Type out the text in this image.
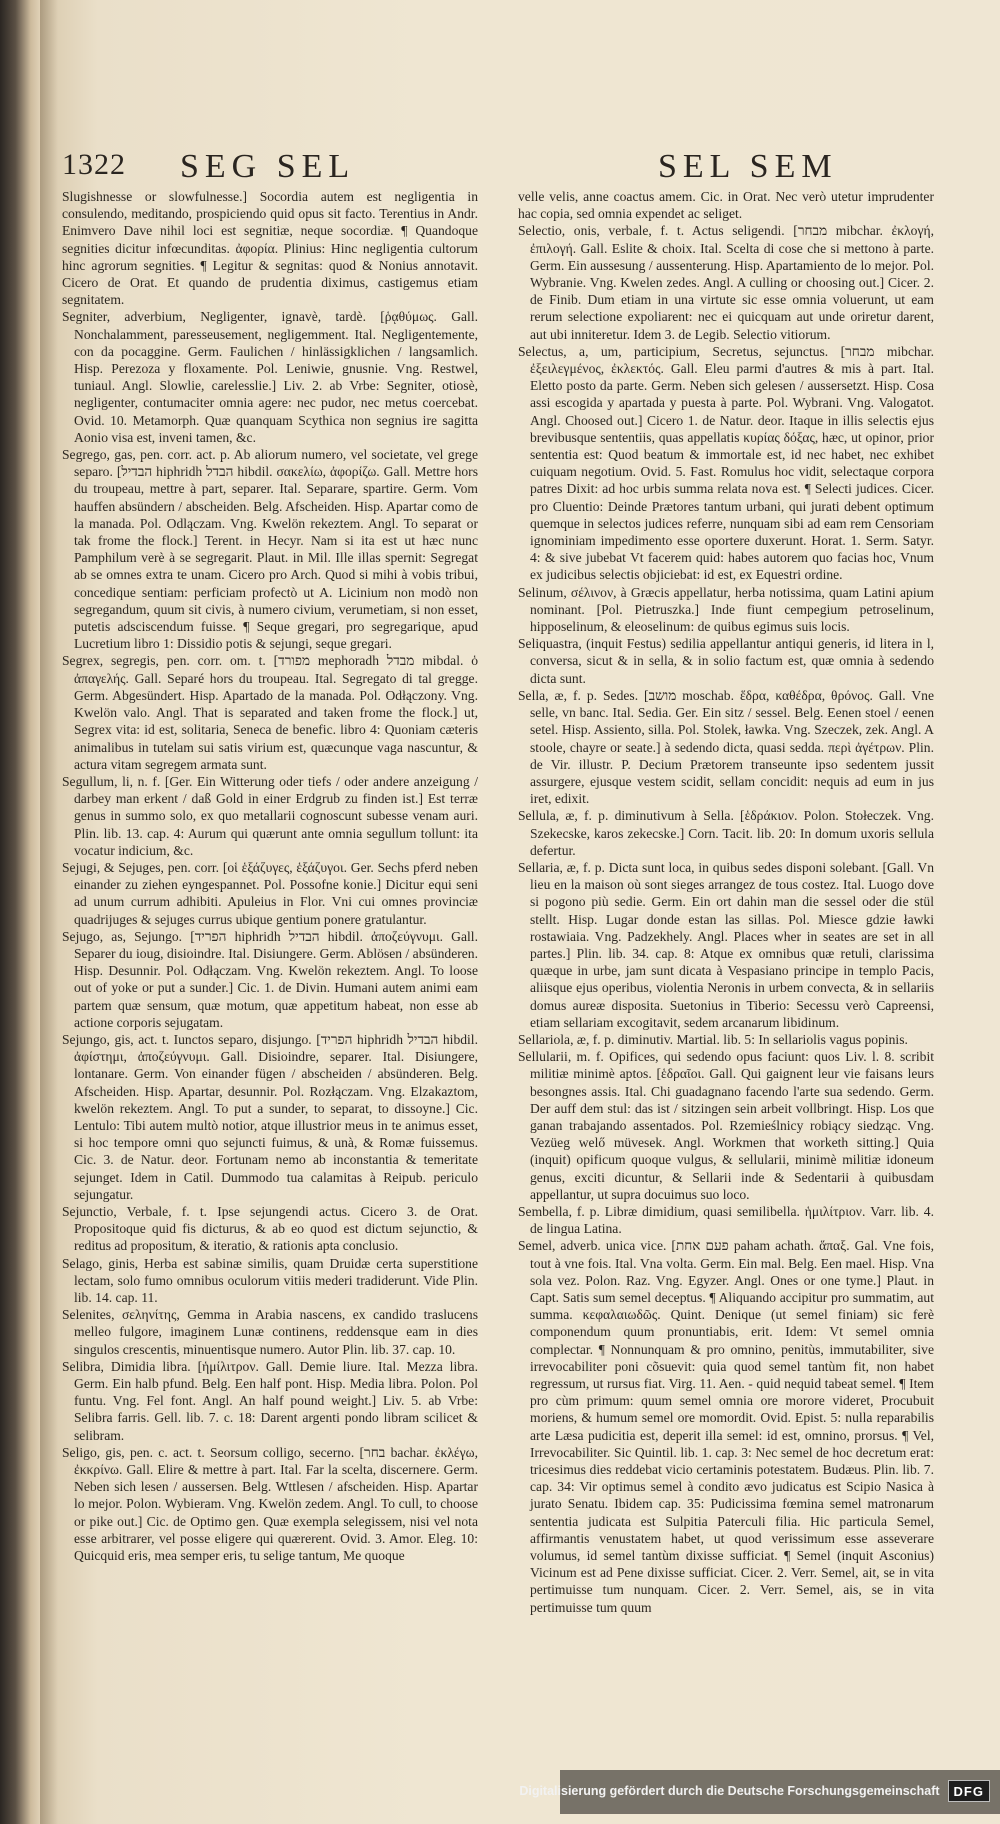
1322 SEG SEL	SEL SEM

Slugishnesse or slowfulnesse.] Socordia autem est negligentia in consulendo, meditando, prospiciendo quid opus sit facto. Terentius in Andr. Enimvero Dave nihil loci est segnitiæ, neque socordiæ. ¶ Quandoque segnities dicitur infœcunditas. ἀφορία. Plinius: Hinc negligentia cultorum hinc agrorum segnities. ¶ Legitur & segnitas: quod & Nonius annotavit. Cicero de Orat. Et quando de prudentia diximus, castigemus etiam segnitatem.

Segniter, adverbium, Negligenter, ignavè, tardè. [ῥᾳθύμως. Gall. Nonchalamment, paresseusement, negligemment. Ital. Negligentemente, con da pocaggine. Germ. Faulichen / hinlässigklichen / langsamlich. Hisp. Perezoza y floxamente. Pol. Leniwie, gnusnie. Vng. Restwel, tuniaul. Angl. Slowlie, carelesslie.] Liv. 2. ab Vrbe: Segniter, otiosè, negligenter, contumaciter omnia agere: nec pudor, nec metus coercebat. Ovid. 10. Metamorph. Quæ quanquam Scythica non segnius ire sagitta Aonio visa est, inveni tamen, &c.

Segrego, gas, pen. corr. act. p. Ab aliorum numero, vel societate, vel grege separo. [הבדיל hiphridh הבדל hibdil. σακελίω, ἀφορίζω. Gall. Mettre hors du troupeau, mettre à part, separer. Ital. Separare, spartire. Germ. Vom hauffen absündern / abscheiden. Belg. Afscheiden. Hisp. Apartar como de la manada. Pol. Odlączam. Vng. Kwelön rekeztem. Angl. To separat or tak frome the flock.] Terent. in Hecyr. Nam si ita est ut hæc nunc Pamphilum verè à se segregarit. Plaut. in Mil. Ille illas spernit: Segregat ab se omnes extra te unam. Cicero pro Arch. Quod si mihi à vobis tribui, concedique sentiam: perficiam profectò ut A. Licinium non modò non segregandum, quum sit civis, à numero civium, verumetiam, si non esset, putetis adsciscendum fuisse. ¶ Seque gregari, pro segregarique, apud Lucretium libro 1: Dissidio potis & sejungi, seque gregari.

Segrex, segregis, pen. corr. om. t. [מפורד mephoradh מבדל mibdal. ὁ ἀπαγελής. Gall. Separé hors du troupeau. Ital. Segregato di tal gregge. Germ. Abgesündert. Hisp. Apartado de la manada. Pol. Odłączony. Vng. Kwelön valo. Angl. That is separated and taken frome the flock.] ut, Segrex vita: id est, solitaria, Seneca de benefic. libro 4: Quoniam cæteris animalibus in tutelam sui satis virium est, quæcunque vaga nascuntur, & actura vitam segregem armata sunt.

Segullum, li, n. f. [Ger. Ein Witterung oder tiefs / oder andere anzeigung / darbey man erkent / daß Gold in einer Erdgrub zu finden ist.] Est terræ genus in summo solo, ex quo metallarii cognoscunt subesse venam auri. Plin. lib. 13. cap. 4: Aurum qui quærunt ante omnia segullum tollunt: ita vocatur indicium, &c.

Sejugi, & Sejuges, pen. corr. [οἱ ἑξάζυγες, ἑξάζυγοι. Ger. Sechs pferd neben einander zu ziehen eyngespannet. Pol. Possofne konie.] Dicitur equi seni ad unum currum adhibiti. Apuleius in Flor. Vni cui omnes provinciæ quadrijuges & sejuges currus ubique gentium ponere gratulantur.

Sejugo, as, Sejungo. [הפריד hiphridh הבדיל hibdil. ἀποζεύγνυμι. Gall. Separer du ioug, disioindre. Ital. Disiungere. Germ. Ablösen / absünderen. Hisp. Desunnir. Pol. Odłączam. Vng. Kwelön rekeztem. Angl. To loose out of yoke or put a sunder.] Cic. 1. de Divin. Humani autem animi eam partem quæ sensum, quæ motum, quæ appetitum habeat, non esse ab actione corporis sejugatam.

Sejungo, gis, act. t. Iunctos separo, disjungo. [הפריד hiphridh הבדיל hibdil. ἀφίστημι, ἀποζεύγνυμι. Gall. Disioindre, separer. Ital. Disiungere, lontanare. Germ. Von einander fügen / abscheiden / absünderen. Belg. Afscheiden. Hisp. Apartar, desunnir. Pol. Rozłączam. Vng. Elzakaztom, kwelön rekeztem. Angl. To put a sunder, to separat, to dissoyne.] Cic. Lentulo: Tibi autem multò notior, atque illustrior meus in te animus esset, si hoc tempore omni quo sejuncti fuimus, & unà, & Romæ fuissemus. Cic. 3. de Natur. deor. Fortunam nemo ab inconstantia & temeritate sejunget. Idem in Catil. Dummodo tua calamitas à Reipub. periculo sejungatur.

Sejunctio, Verbale, f. t. Ipse sejungendi actus. Cicero 3. de Orat. Propositoque quid fis dicturus, & ab eo quod est dictum sejunctio, & reditus ad propositum, & iteratio, & rationis apta conclusio.

Selago, ginis, Herba est sabinæ similis, quam Druidæ certa superstitione lectam, solo fumo omnibus oculorum vitiis mederi tradiderunt. Vide Plin. lib. 14. cap. 11.

Selenites, σεληνίτης, Gemma in Arabia nascens, ex candido traslucens melleo fulgore, imaginem Lunæ continens, reddensque eam in dies singulos crescentis, minuentisque numero. Autor Plin. lib. 37. cap. 10.

Selibra, Dimidia libra. [ἡμίλιτρον. Gall. Demie liure. Ital. Mezza libra. Germ. Ein halb pfund. Belg. Een half pont. Hisp. Media libra. Polon. Pol funtu. Vng. Fel font. Angl. An half pound weight.] Liv. 5. ab Vrbe: Selibra farris. Gell. lib. 7. c. 18: Darent argenti pondo libram scilicet & selibram.

Seligo, gis, pen. c. act. t. Seorsum colligo, secerno. [בחר bachar. ἐκλέγω, ἐκκρίνω. Gall. Elire & mettre à part. Ital. Far la scelta, discernere. Germ. Neben sich lesen / aussersen. Belg. Wttlesen / afscheiden. Hisp. Apartar lo mejor. Polon. Wybieram. Vng. Kwelön zedem. Angl. To cull, to choose or pike out.] Cic. de Optimo gen. Quæ exempla selegissem, nisi vel nota esse arbitrarer, vel posse eligere qui quærerent. Ovid. 3. Amor. Eleg. 10: Quicquid eris, mea semper eris, tu selige tantum, Me quoque

velle velis, anne coactus amem. Cic. in Orat. Nec verò utetur imprudenter hac copia, sed omnia expendet ac seliget.

Selectio, onis, verbale, f. t. Actus seligendi. [מבחר mibchar. ἐκλογή, ἐπιλογή. Gall. Eslite & choix. Ital. Scelta di cose che si mettono à parte. Germ. Ein aussesung / aussenterung. Hisp. Apartamiento de lo mejor. Pol. Wybranie. Vng. Kwelen zedes. Angl. A culling or choosing out.] Cicer. 2. de Finib. Dum etiam in una virtute sic esse omnia voluerunt, ut eam rerum selectione expoliarent: nec ei quicquam aut unde oriretur darent, aut ubi inniteretur. Idem 3. de Legib. Selectio vitiorum.

Selectus, a, um, participium, Secretus, sejunctus. [מבחר mibchar. ἐξειλεγμένος, ἐκλεκτός. Gall. Eleu parmi d'autres & mis à part. Ital. Eletto posto da parte. Germ. Neben sich gelesen / aussersetzt. Hisp. Cosa assi escogida y apartada y puesta à parte. Pol. Wybrani. Vng. Valogatot. Angl. Choosed out.] Cicero 1. de Natur. deor. Itaque in illis selectis ejus brevibusque sententiis, quas appellatis κυρίας δόξας, hæc, ut opinor, prior sententia est: Quod beatum & immortale est, id nec habet, nec exhibet cuiquam negotium. Ovid. 5. Fast. Romulus hoc vidit, selectaque corpora patres Dixit: ad hoc urbis summa relata nova est. ¶ Selecti judices. Cicer. pro Cluentio: Deinde Prætores tantum urbani, qui jurati debent optimum quemque in selectos judices referre, nunquam sibi ad eam rem Censoriam ignominiam impedimento esse oportere duxerunt. Horat. 1. Serm. Satyr. 4: & sive jubebat Vt facerem quid: habes autorem quo facias hoc, Vnum ex judicibus selectis objiciebat: id est, ex Equestri ordine.

Selinum, σέλινον, à Græcis appellatur, herba notissima, quam Latini apium nominant. [Pol. Pietruszka.] Inde fiunt cempegium petroselinum, hipposelinum, & eleoselinum: de quibus egimus suis locis.

Seliquastra, (inquit Festus) sedilia appellantur antiqui generis, id litera in l, conversa, sicut & in sella, & in solio factum est, quæ omnia à sedendo dicta sunt.

Sella, æ, f. p. Sedes. [מושב moschab. ἕδρα, καθέδρα, θρόνος. Gall. Vne selle, vn banc. Ital. Sedia. Ger. Ein sitz / sessel. Belg. Eenen stoel / eenen setel. Hisp. Assiento, silla. Pol. Stolek, ławka. Vng. Szeczek, zek. Angl. A stoole, chayre or seate.] à sedendo dicta, quasi sedda. περὶ ἀγέτρων. Plin. de Vir. illustr. P. Decium Prætorem transeunte ipso sedentem jussit assurgere, ejusque vestem scidit, sellam concidit: nequis ad eum in jus iret, edixit.

Sellula, æ, f. p. diminutivum à Sella. [ἑδράκιον. Polon. Stołeczek. Vng. Szekecske, karos zekecske.] Corn. Tacit. lib. 20: In domum uxoris sellula defertur.

Sellaria, æ, f. p. Dicta sunt loca, in quibus sedes disponi solebant. [Gall. Vn lieu en la maison où sont sieges arrangez de tous costez. Ital. Luogo dove si pogono più sedie. Germ. Ein ort dahin man die sessel oder die stül stellt. Hisp. Lugar donde estan las sillas. Pol. Miesce gdzie ławki rostawiaia. Vng. Padzekhely. Angl. Places wher in seates are set in all partes.] Plin. lib. 34. cap. 8: Atque ex omnibus quæ retuli, clarissima quæque in urbe, jam sunt dicata à Vespasiano principe in templo Pacis, aliisque ejus operibus, violentia Neronis in urbem convecta, & in sellariis domus aureæ disposita. Suetonius in Tiberio: Secessu verò Capreensi, etiam sellariam excogitavit, sedem arcanarum libidinum.

Sellariola, æ, f. p. diminutiv. Martial. lib. 5: In sellariolis vagus popinis.

Sellularii, m. f. Opifices, qui sedendo opus faciunt: quos Liv. l. 8. scribit militiæ minimè aptos. [ἑδραῖοι. Gall. Qui gaignent leur vie faisans leurs besongnes assis. Ital. Chi guadagnano facendo l'arte sua sedendo. Germ. Der auff dem stul: das ist / sitzingen sein arbeit vollbringt. Hisp. Los que ganan trabajando assentados. Pol. Rzemieślnicy robiący siedząc. Vng. Vezüeg welő müvesek. Angl. Workmen that worketh sitting.] Quia (inquit) opificum quoque vulgus, & sellularii, minimè militiæ idoneum genus, exciti dicuntur, & Sellarii inde & Sedentarii à quibusdam appellantur, ut supra docuimus suo loco.

Sembella, f. p. Libræ dimidium, quasi semilibella. ἡμιλίτριον. Varr. lib. 4. de lingua Latina.

Semel, adverb. unica vice. [פעם אחת paham achath. ἅπαξ. Gal. Vne fois, tout à vne fois. Ital. Vna volta. Germ. Ein mal. Belg. Een mael. Hisp. Vna sola vez. Polon. Raz. Vng. Egyzer. Angl. Ones or one tyme.] Plaut. in Capt. Satis sum semel deceptus. ¶ Aliquando accipitur pro summatim, aut summa. κεφαλαιωδῶς. Quint. Denique (ut semel finiam) sic ferè componendum quum pronuntiabis, erit. Idem: Vt semel omnia complectar. ¶ Nonnunquam & pro omnino, penitùs, immutabiliter, sive irrevocabiliter poni cõsuevit: quia quod semel tantùm fit, non habet regressum, ut rursus fiat. Virg. 11. Aen. - quid nequid tabeat semel. ¶ Item pro cùm primum: quum semel omnia ore morore videret, Procubuit moriens, & humum semel ore momordit. Ovid. Epist. 5: nulla reparabilis arte Læsa pudicitia est, deperit illa semel: id est, omnino, prorsus. ¶ Vel, Irrevocabiliter. Sic Quintil. lib. 1. cap. 3: Nec semel de hoc decretum erat: tricesimus dies reddebat vicio certaminis potestatem. Budæus. Plin. lib. 7. cap. 34: Vir optimus semel à condito ævo judicatus est Scipio Nasica à jurato Senatu. Ibidem cap. 35: Pudicissima fœmina semel matronarum sententia judicata est Sulpitia Paterculi filia. Hic particula Semel, affirmantis venustatem habet, ut quod verissimum esse asseverare volumus, id semel tantùm dixisse sufficiat. ¶ Semel (inquit Asconius) Vicinum est ad Pene dixisse sufficiat. Cicer. 2. Verr. Semel, ait, se in vita pertimuisse tum nunquam. Cicer. 2. Verr. Semel, ais, se in vita pertimuisse tum quum

Digitalisierung gefördert durch die Deutsche Forschungsgemeinschaft	DFG
